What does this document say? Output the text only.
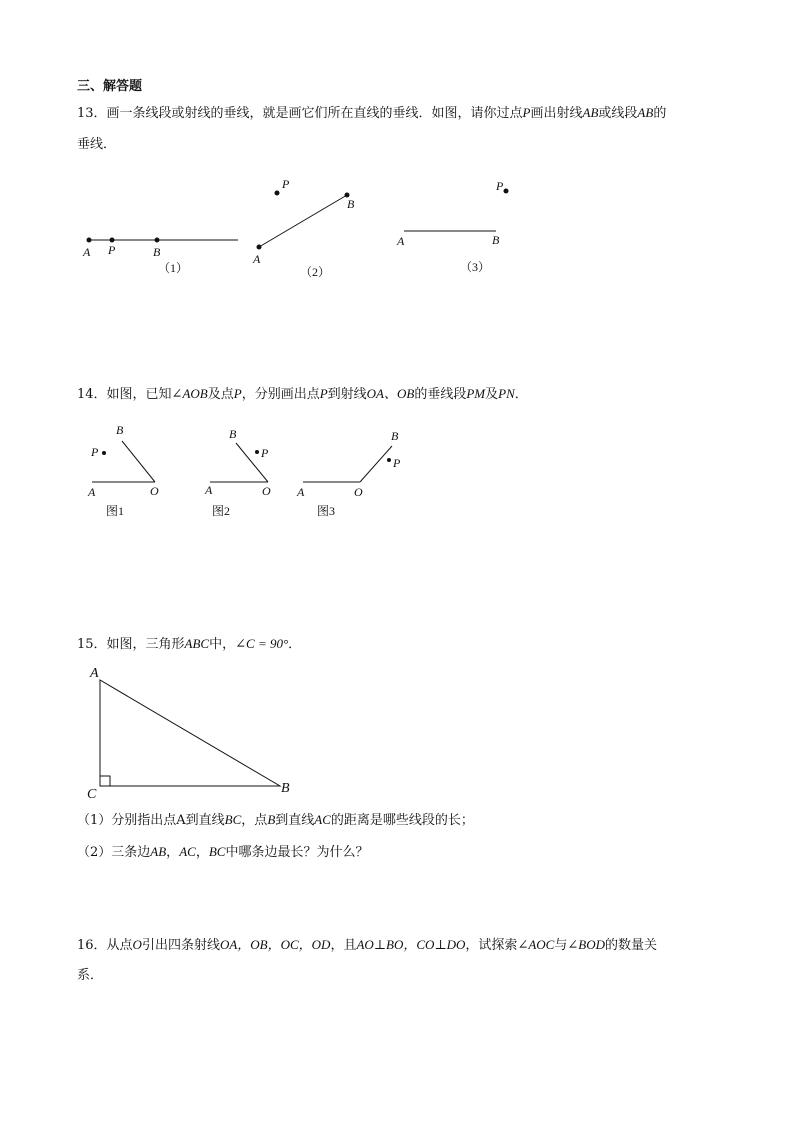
三、解答题
13．画一条线段或射线的垂线，就是画它们所在直线的垂线．如图，请你过点P画出射线AB或线段AB的
垂线．
A P	B
（1）
A
B
P
（2）
A	B
P
（3）
B
P
A	O
图1
B
P
A	O
图2
B
P
A	O
图3
A
B
C
14．如图，已知∠AOB及点P，分别画出点P到射线OA、OB的垂线段PM及PN．
15．如图，三角形ABC中，∠C = 90°．
（1）分别指出点A到直线BC，点B到直线AC的距离是哪些线段的长；
（2）三条边AB，AC，BC中哪条边最长？为什么？
16．从点O引出四条射线OA，OB，OC，OD，且AO⊥BO，CO⊥DO，试探索∠AOC与∠BOD的数量关
系．
